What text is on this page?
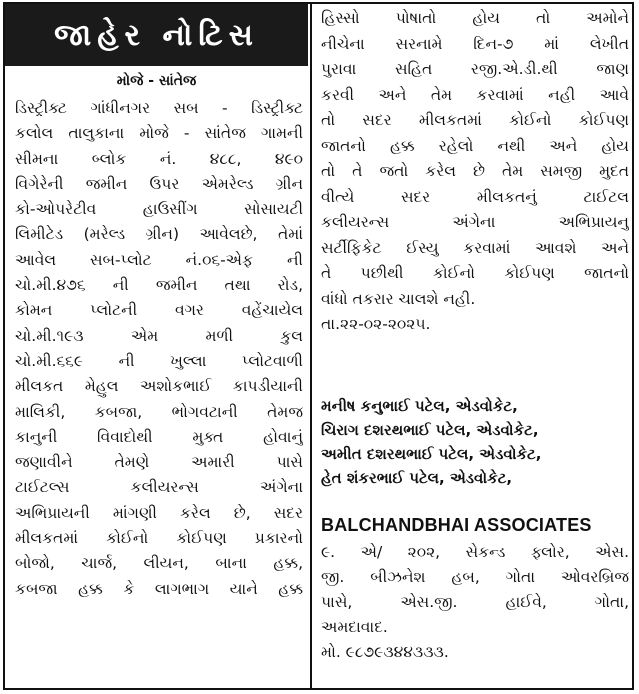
જાહેર નોટિસ
મોજે - સાંતેજ
ડિસ્ટ્રીક્ટ ગાંધીનગર સબ - ડિસ્ટ્રીક્ટ
કલોલ તાલુકાના મોજે - સાંતેજ ગામની
સીમના બ્લોક નં. ૪૮૮, ૪૯૦
વિગેરેની જમીન ઉપર એમરેલ્ડ ગ્રીન
કો-ઓપરેટીવ હાઉસીંગ સોસાયટી
લિમીટેડ (મરેલ્ડ ગ્રીન) આવેલછે, તેમાં
આવેલ સબ-પ્લોટ નં.૦૬-એફ ની
ચો.મી.૪૭૬ ની જમીન તથા રોડ,
કોમન પ્લોટની વગર વહેંચાયેલ
ચો.મી.૧૯૩ એમ મળી કુલ
ચો.મી.૬૬૯ ની ખુલ્લા પ્લોટવાળી
મીલકત મેહુલ અશોકભાઈ કાપડીયાની
માલિકી, કબજા, ભોગવટાની તેમજ
કાનુની વિવાદોથી મુક્ત હોવાનું
જણાવીને તેમણે અમારી પાસે
ટાઈટલ્સ કલીયરન્સ અંગેના
અભિપ્રાયની માંગણી કરેલ છે, સદર
મીલકતમાં કોઈનો કોઈપણ પ્રકારનો
બોજો, ચાર્જ, લીયન, બાના હક્ક,
કબજા હક્ક કે લાગભાગ યાને હક્ક
હિસ્સો પોષાતો હોય તો અમોને
નીચેના સરનામે દિન-૭ માં લેખીત
પુરાવા સહિત રજી.એ.ડી.થી જાણ
કરવી અને તેમ કરવામાં નહી આવે
તો સદર મીલકતમાં કોઈનો કોઈપણ
જાતનો હક્ક રહેલો નથી અને હોય
તો તે જતો કરેલ છે તેમ સમજી મુદત
વીત્યે સદર મીલકતનું ટાઈટલ
કલીયરન્સ અંગેના અભિપ્રાયનુ
સર્ટીફિકેટ ઈસ્યુ કરવામાં આવશે અને
તે પછીથી કોઈનો કોઈપણ જાતનો
વાંધો તકરાર ચાલશે નહી.
તા.૨૨-૦૨-૨૦૨૫.
મનીષ કનુભાઈ પટેલ, એડવોકેટ,
ચિરાગ દશરથભાઈ પટેલ, એડવોકેટ,
અમીત દશરથભાઈ પટેલ, એડવોકેટ,
હેત શંકરભાઈ પટેલ, એડવોકેટ,
BALCHANDBHAI ASSOCIATES
૯. એ/ ૨૦૨, સેકન્ડ ફ્લોર, એસ.
જી. બીઝનેશ હબ, ગોતા ઓવરબ્રિજ
પાસે, એસ.જી. હાઈવે, ગોતા,
અમદાવાદ.
મો. ૯૮૭૯૩૪૪૩૩૩.
